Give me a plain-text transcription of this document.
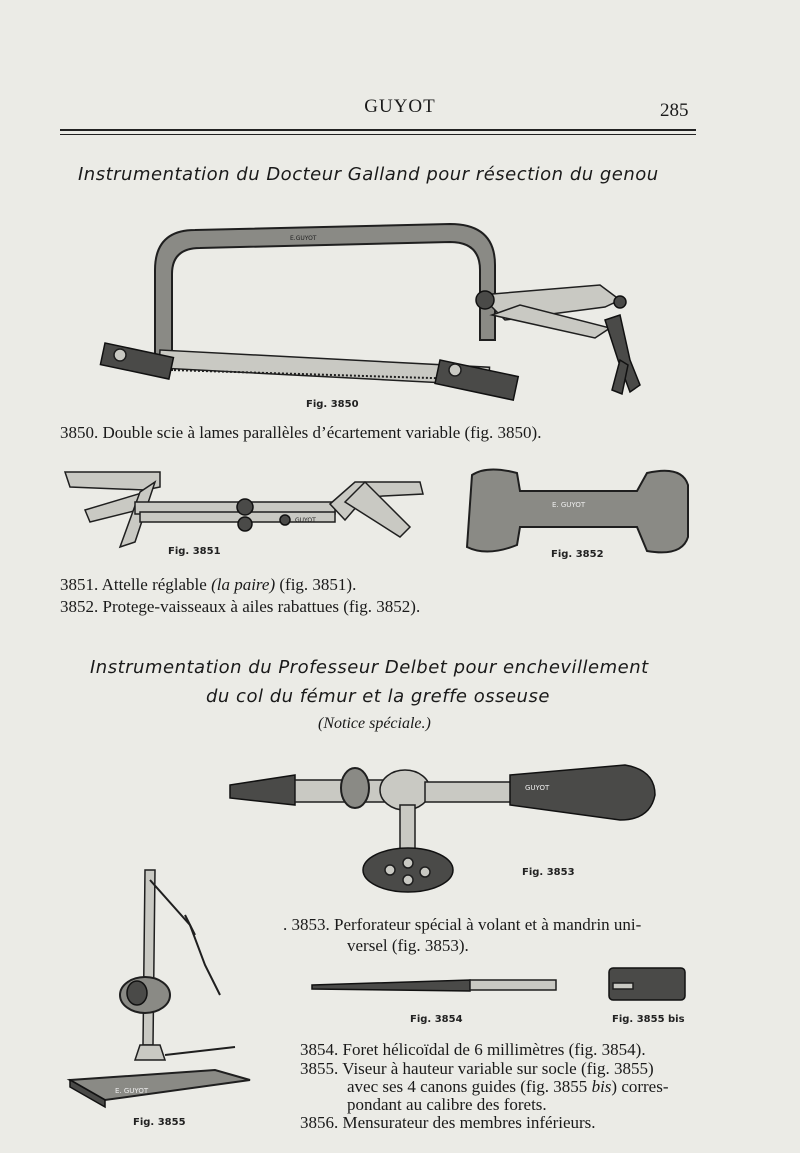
GUYOT	285
Instrumentation du Docteur Galland pour résection du genou
E.GUYOT
Fig. 3850
3850. Double scie à lames parallèles d’écartement variable (fig. 3850).
GUYOT
Fig. 3851
E. GUYOT
Fig. 3852
3851. Attelle réglable (la paire) (fig. 3851).
3852. Protege-vaisseaux à ailes rabattues (fig. 3852).
Instrumentation du Professeur Delbet pour enchevillement
du col du fémur et la greffe osseuse
(Notice spéciale.)
GUYOT
Fig. 3853
E. GUYOT
Fig. 3855
. 3853. Perforateur spécial à volant et à mandrin uni-
versel (fig. 3853).
Fig. 3854	Fig. 3855 bis
3854. Foret hélicoïdal de 6 millimètres (fig. 3854).
3855. Viseur à hauteur variable sur socle (fig. 3855)
avec ses 4 canons guides (fig. 3855 bis) corres-
pondant au calibre des forets.
3856. Mensurateur des membres inférieurs.
